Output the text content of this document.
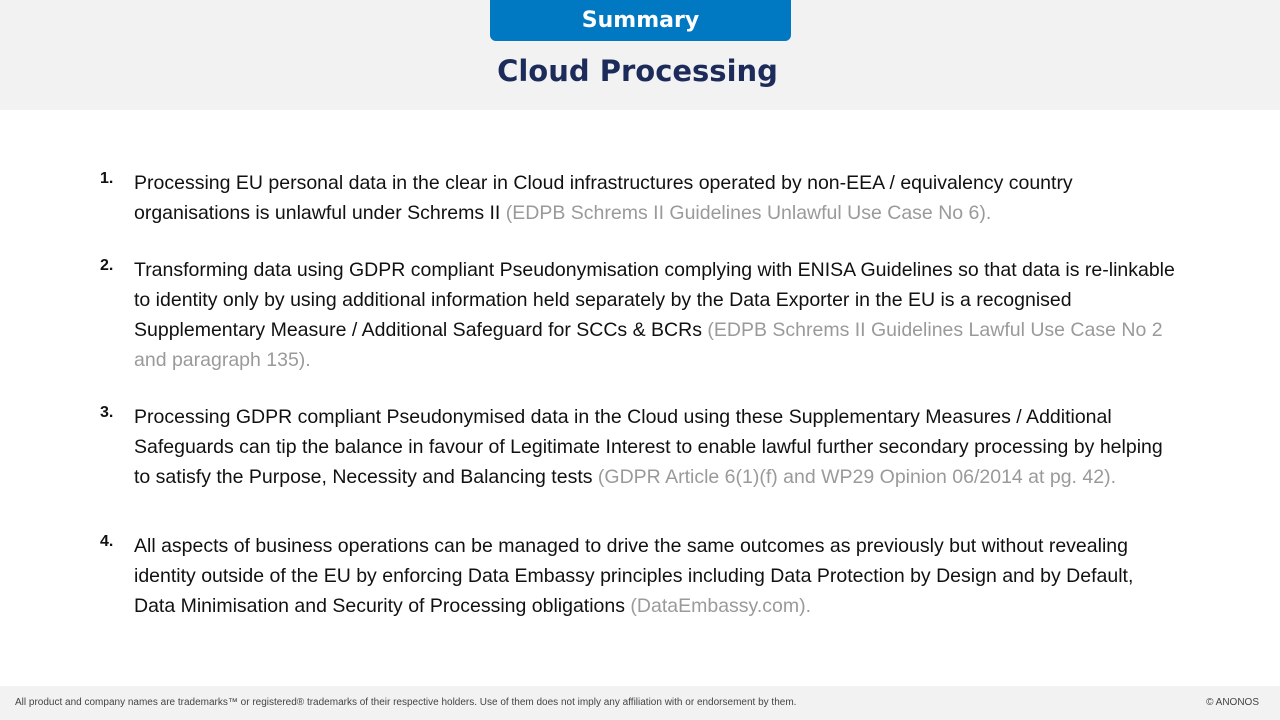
Summary
Cloud Processing
1. Processing EU personal data in the clear in Cloud infrastructures operated by non-EEA / equivalency country organisations is unlawful under Schrems II (EDPB Schrems II Guidelines Unlawful Use Case No 6).
2. Transforming data using GDPR compliant Pseudonymisation complying with ENISA Guidelines so that data is re-linkable to identity only by using additional information held separately by the Data Exporter in the EU is a recognised Supplementary Measure / Additional Safeguard for SCCs & BCRs (EDPB Schrems II Guidelines Lawful Use Case No 2 and paragraph 135).
3. Processing GDPR compliant Pseudonymised data in the Cloud using these Supplementary Measures / Additional Safeguards can tip the balance in favour of Legitimate Interest to enable lawful further secondary processing by helping to satisfy the Purpose, Necessity and Balancing tests (GDPR Article 6(1)(f) and WP29 Opinion 06/2014 at pg. 42).
4. All aspects of business operations can be managed to drive the same outcomes as previously but without revealing identity outside of the EU by enforcing Data Embassy principles including Data Protection by Design and by Default, Data Minimisation and Security of Processing obligations (DataEmbassy.com).
All product and company names are trademarks™ or registered® trademarks of their respective holders. Use of them does not imply any affiliation with or endorsement by them.	© ANONOS
